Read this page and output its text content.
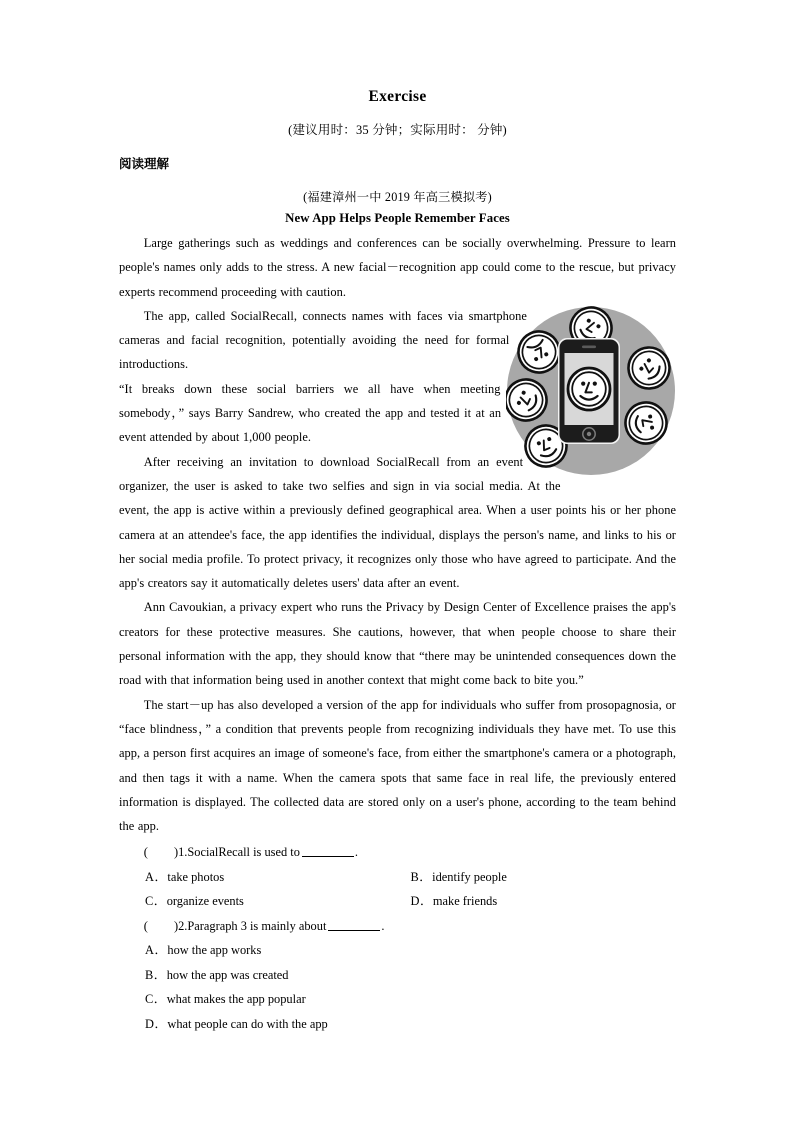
Exercise
(建议用时：35 分钟；实际用时： 分钟)
阅读理解
(福建漳州一中 2019 年高三模拟考)
New App Helps People Remember Faces

Large gatherings such as weddings and conferences can be socially overwhelming. Pressure to learn people's names only adds to the stress. A new facial－recognition app could come to the rescue, but privacy experts recommend proceeding with caution.

The app, called SocialRecall, connects names with faces via smartphone cameras and facial recognition, potentially avoiding the need for formal introductions.

“It breaks down these social barriers we all have when meeting somebody，” says Barry Sandrew, who created the app and tested it at an event attended by about 1,000 people.

After receiving an invitation to download SocialRecall from an event organizer, the user is asked to take two selfies and sign in via social media. At the event, the app is active within a previously defined geographical area. When a user points his or her phone camera at an attendee's face, the app identifies the individual, displays the person's name, and links to his or her social media profile. To protect privacy, it recognizes only those who have agreed to participate. And the app's creators say it automatically deletes users' data after an event.

Ann Cavoukian, a privacy expert who runs the Privacy by Design Center of Excellence praises the app's creators for these protective measures. She cautions, however, that when people choose to share their personal information with the app, they should know that “there may be unintended consequences down the road with that information being used in another context that might come back to bite you.”

The start－up has also developed a version of the app for individuals who suffer from prosopagnosia, or “face blindness，” a condition that prevents people from recognizing individuals they have met. To use this app, a person first acquires an image of someone's face, from either the smartphone's camera or a photograph, and then tags it with a name. When the camera spots that same face in real life, the previously entered information is displayed. The collected data are stored only on a user's phone, according to the team behind the app.

( )1.SocialRecall is used to	.
A．take photos	B．identify people
C．organize events	D．make friends
( )2.Paragraph 3 is mainly about	.
A．how the app works
B．how the app was created
C．what makes the app popular
D．what people can do with the app
